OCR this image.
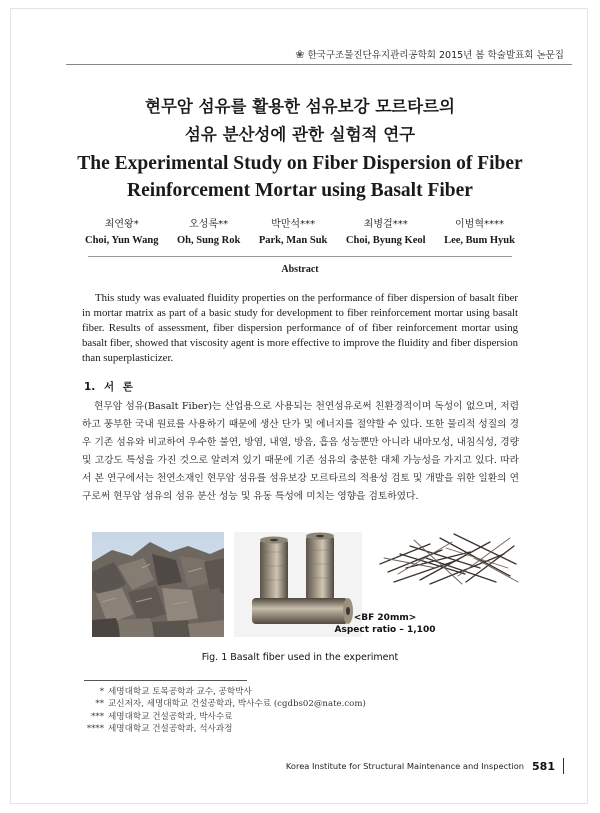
❀ 한국구조물진단유지관리공학회 2015년 봄 학술발표회 논문집
현무암 섬유를 활용한 섬유보강 모르타르의
섬유 분산성에 관한 실험적 연구
The Experimental Study on Fiber Dispersion of Fiber
Reinforcement Mortar using Basalt Fiber
최연왕*
Choi, Yun Wang
오성록**
Oh, Sung Rok
박만석***
Park, Man Suk
최병걸***
Choi, Byung Keol
이범혁****
Lee, Bum Hyuk
Abstract

This study was evaluated fluidity properties on the performance of fiber dispersion of basalt fiber in mortar matrix as part of a basic study for development to fiber reinforcement mortar using basalt fiber. Results of assessment, fiber dispersion performance of of fiber reinforcement mortar using basalt fiber, showed that viscosity agent is more effective to improve the fluidity and fiber dispersion than superplasticizer.

1. 서 론

현무암 섬유(Basalt Fiber)는 산업용으로 사용되는 천연섬유로써 친환경적이며 독성이 없으며, 저렴하고 풍부한 국내 원료를 사용하기 때문에 생산 단가 및 에너지를 절약할 수 있다. 또한 물리적 성질의 경우 기존 섬유와 비교하여 우수한 불연, 방염, 내열, 방음, 흡음 성능뿐만 아니라 내마모성, 내침식성, 경량 및 고강도 특성을 가진 것으로 알려져 있기 때문에 기존 섬유의 충분한 대체 가능성을 가지고 있다. 따라서 본 연구에서는 천연소재인 현무암 섬유를 섬유보강 모르타르의 적용성 검토 및 개발을 위한 일환의 연구로써 현무암 섬유의 섬유 분산 성능 및 유동 특성에 미치는 영향을 검토하였다.

<BF 20mm>
Aspect ratio – 1,100
Fig. 1 Basalt fiber used in the experiment
* 세명대학교 토목공학과 교수, 공학박사
** 교신저자, 세명대학교 건설공학과, 박사수료 (cgdbs02@nate.com)
*** 세명대학교 건설공학과, 박사수료
**** 세명대학교 건설공학과, 석사과정
Korea Institute for Structural Maintenance and Inspection 581
